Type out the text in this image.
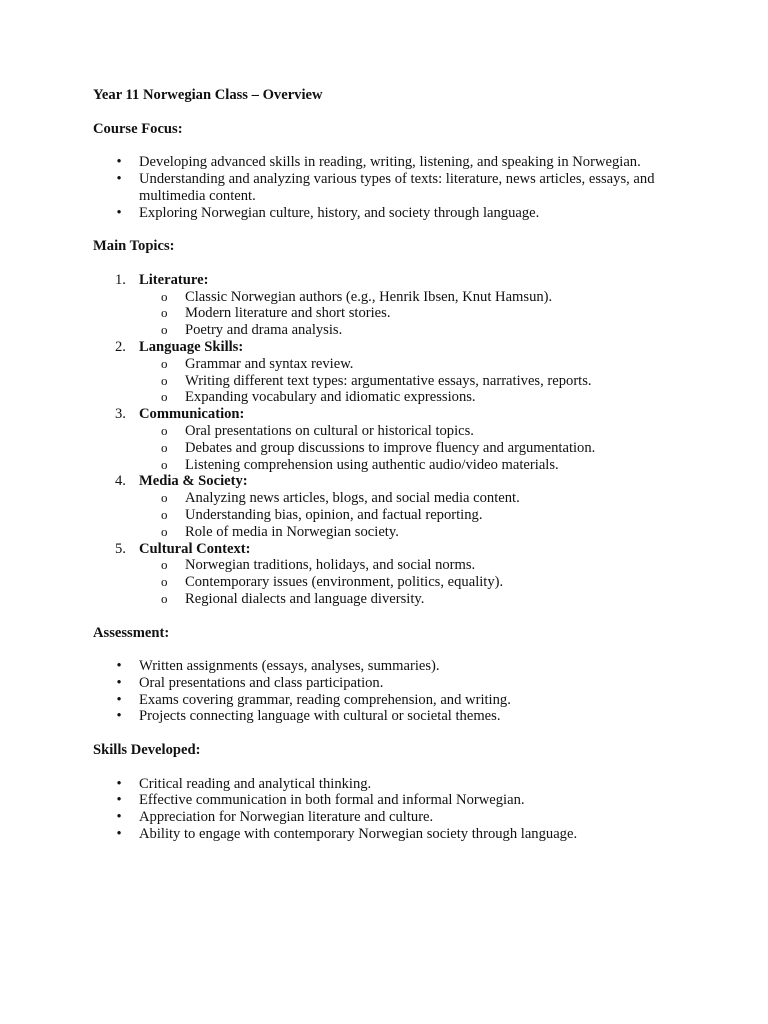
Year 11 Norwegian Class – Overview
Course Focus:
• Developing advanced skills in reading, writing, listening, and speaking in Norwegian.
• Understanding and analyzing various types of texts: literature, news articles, essays, and multimedia content.
• Exploring Norwegian culture, history, and society through language.
Main Topics:
1. Literature:
o Classic Norwegian authors (e.g., Henrik Ibsen, Knut Hamsun).
o Modern literature and short stories.
o Poetry and drama analysis.
2. Language Skills:
o Grammar and syntax review.
o Writing different text types: argumentative essays, narratives, reports.
o Expanding vocabulary and idiomatic expressions.
3. Communication:
o Oral presentations on cultural or historical topics.
o Debates and group discussions to improve fluency and argumentation.
o Listening comprehension using authentic audio/video materials.
4. Media & Society:
o Analyzing news articles, blogs, and social media content.
o Understanding bias, opinion, and factual reporting.
o Role of media in Norwegian society.
5. Cultural Context:
o Norwegian traditions, holidays, and social norms.
o Contemporary issues (environment, politics, equality).
o Regional dialects and language diversity.
Assessment:
• Written assignments (essays, analyses, summaries).
• Oral presentations and class participation.
• Exams covering grammar, reading comprehension, and writing.
• Projects connecting language with cultural or societal themes.
Skills Developed:
• Critical reading and analytical thinking.
• Effective communication in both formal and informal Norwegian.
• Appreciation for Norwegian literature and culture.
• Ability to engage with contemporary Norwegian society through language.
